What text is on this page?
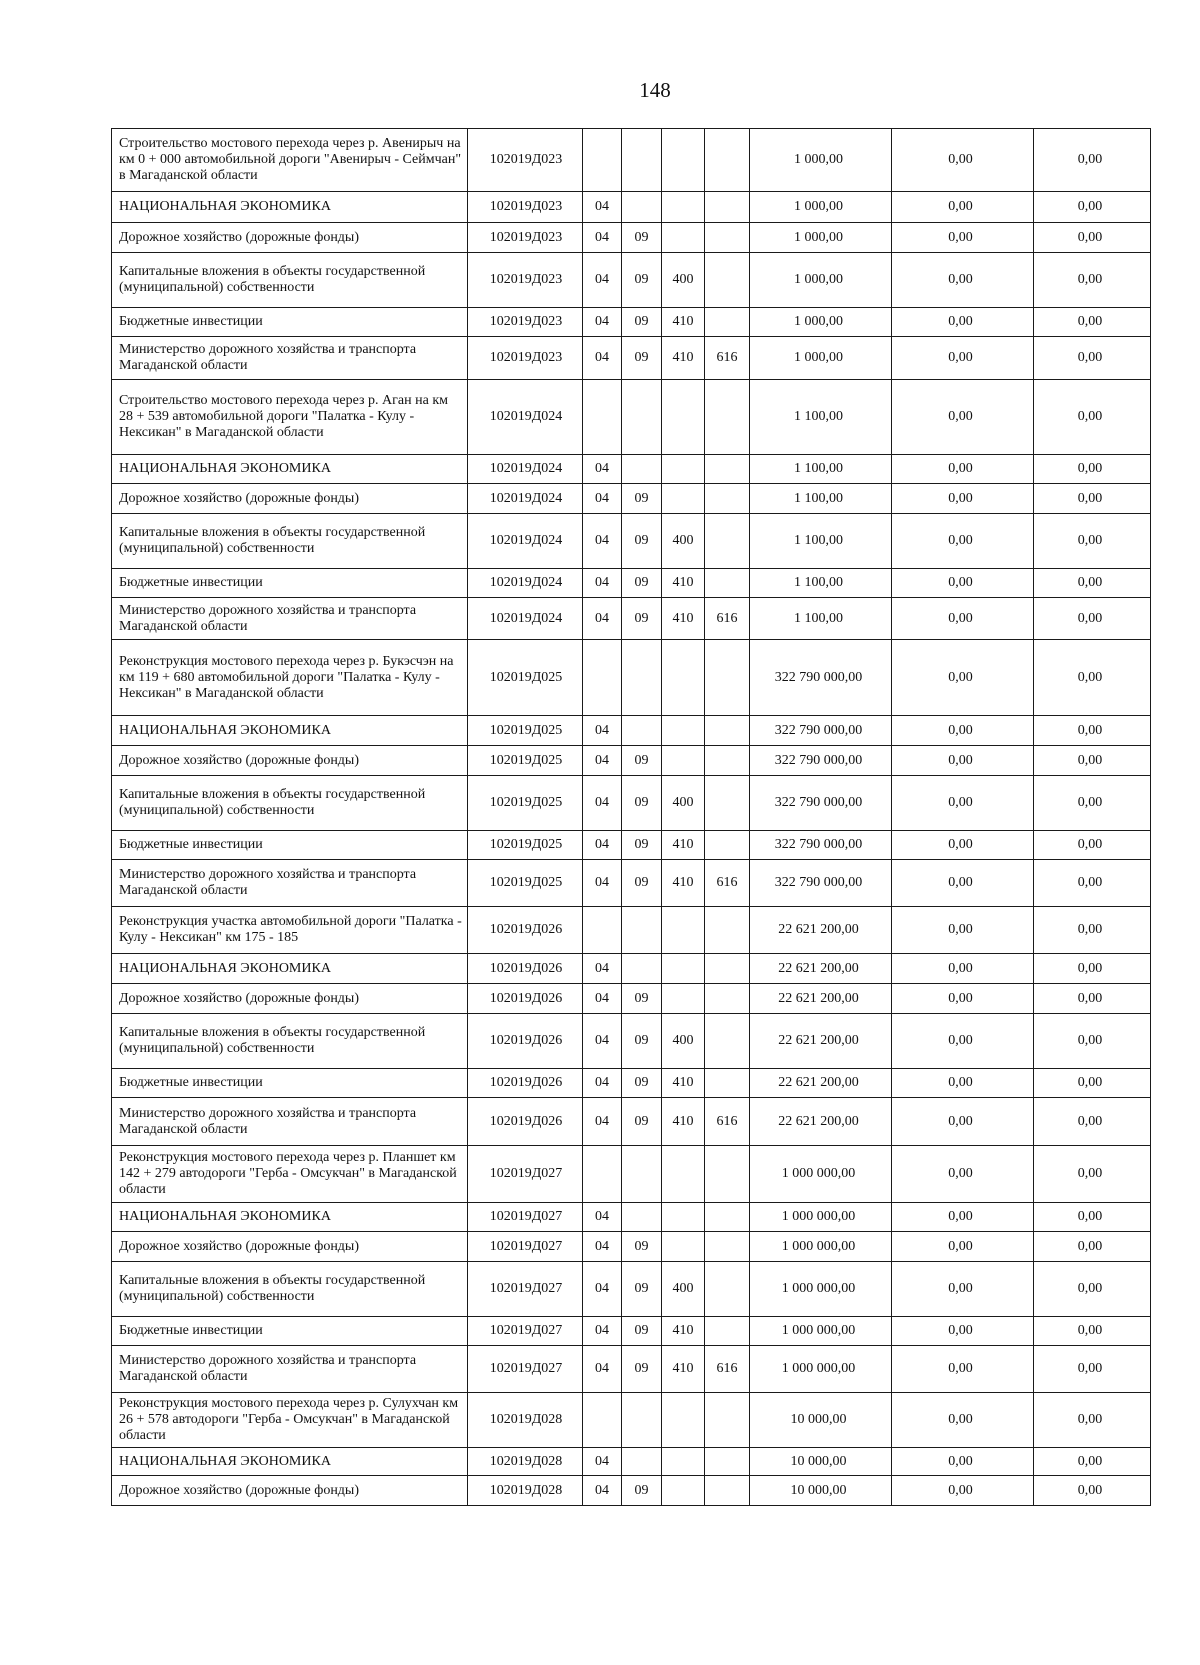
148
Строительство мостового перехода через р. Авенирыч на км 0 + 000 автомобильной дороги "Авенирыч - Сеймчан" в Магаданской области	102019Д023					1 000,00	0,00	0,00
НАЦИОНАЛЬНАЯ ЭКОНОМИКА	102019Д023	04				1 000,00	0,00	0,00
Дорожное хозяйство (дорожные фонды)	102019Д023	04	09			1 000,00	0,00	0,00
Капитальные вложения в объекты государственной (муниципальной) собственности	102019Д023	04	09	400		1 000,00	0,00	0,00
Бюджетные инвестиции	102019Д023	04	09	410		1 000,00	0,00	0,00
Министерство дорожного хозяйства и транспорта Магаданской области	102019Д023	04	09	410	616	1 000,00	0,00	0,00
Строительство мостового перехода через р. Аган на км 28 + 539 автомобильной дороги "Палатка - Кулу - Нексикан" в Магаданской области	102019Д024					1 100,00	0,00	0,00
НАЦИОНАЛЬНАЯ ЭКОНОМИКА	102019Д024	04				1 100,00	0,00	0,00
Дорожное хозяйство (дорожные фонды)	102019Д024	04	09			1 100,00	0,00	0,00
Капитальные вложения в объекты государственной (муниципальной) собственности	102019Д024	04	09	400		1 100,00	0,00	0,00
Бюджетные инвестиции	102019Д024	04	09	410		1 100,00	0,00	0,00
Министерство дорожного хозяйства и транспорта Магаданской области	102019Д024	04	09	410	616	1 100,00	0,00	0,00
Реконструкция мостового перехода через р. Букэсчэн на км 119 + 680 автомобильной дороги "Палатка - Кулу - Нексикан" в Магаданской области	102019Д025					322 790 000,00	0,00	0,00
НАЦИОНАЛЬНАЯ ЭКОНОМИКА	102019Д025	04				322 790 000,00	0,00	0,00
Дорожное хозяйство (дорожные фонды)	102019Д025	04	09			322 790 000,00	0,00	0,00
Капитальные вложения в объекты государственной (муниципальной) собственности	102019Д025	04	09	400		322 790 000,00	0,00	0,00
Бюджетные инвестиции	102019Д025	04	09	410		322 790 000,00	0,00	0,00
Министерство дорожного хозяйства и транспорта Магаданской области	102019Д025	04	09	410	616	322 790 000,00	0,00	0,00
Реконструкция участка автомобильной дороги "Палатка - Кулу - Нексикан" км 175 - 185	102019Д026					22 621 200,00	0,00	0,00
НАЦИОНАЛЬНАЯ ЭКОНОМИКА	102019Д026	04				22 621 200,00	0,00	0,00
Дорожное хозяйство (дорожные фонды)	102019Д026	04	09			22 621 200,00	0,00	0,00
Капитальные вложения в объекты государственной (муниципальной) собственности	102019Д026	04	09	400		22 621 200,00	0,00	0,00
Бюджетные инвестиции	102019Д026	04	09	410		22 621 200,00	0,00	0,00
Министерство дорожного хозяйства и транспорта Магаданской области	102019Д026	04	09	410	616	22 621 200,00	0,00	0,00
Реконструкция мостового перехода через р. Планшет км 142 + 279 автодороги "Герба - Омсукчан" в Магаданской области	102019Д027					1 000 000,00	0,00	0,00
НАЦИОНАЛЬНАЯ ЭКОНОМИКА	102019Д027	04				1 000 000,00	0,00	0,00
Дорожное хозяйство (дорожные фонды)	102019Д027	04	09			1 000 000,00	0,00	0,00
Капитальные вложения в объекты государственной (муниципальной) собственности	102019Д027	04	09	400		1 000 000,00	0,00	0,00
Бюджетные инвестиции	102019Д027	04	09	410		1 000 000,00	0,00	0,00
Министерство дорожного хозяйства и транспорта Магаданской области	102019Д027	04	09	410	616	1 000 000,00	0,00	0,00
Реконструкция мостового перехода через р. Сулухчан км 26 + 578 автодороги "Герба - Омсукчан" в Магаданской области	102019Д028					10 000,00	0,00	0,00
НАЦИОНАЛЬНАЯ ЭКОНОМИКА	102019Д028	04				10 000,00	0,00	0,00
Дорожное хозяйство (дорожные фонды)	102019Д028	04	09			10 000,00	0,00	0,00
